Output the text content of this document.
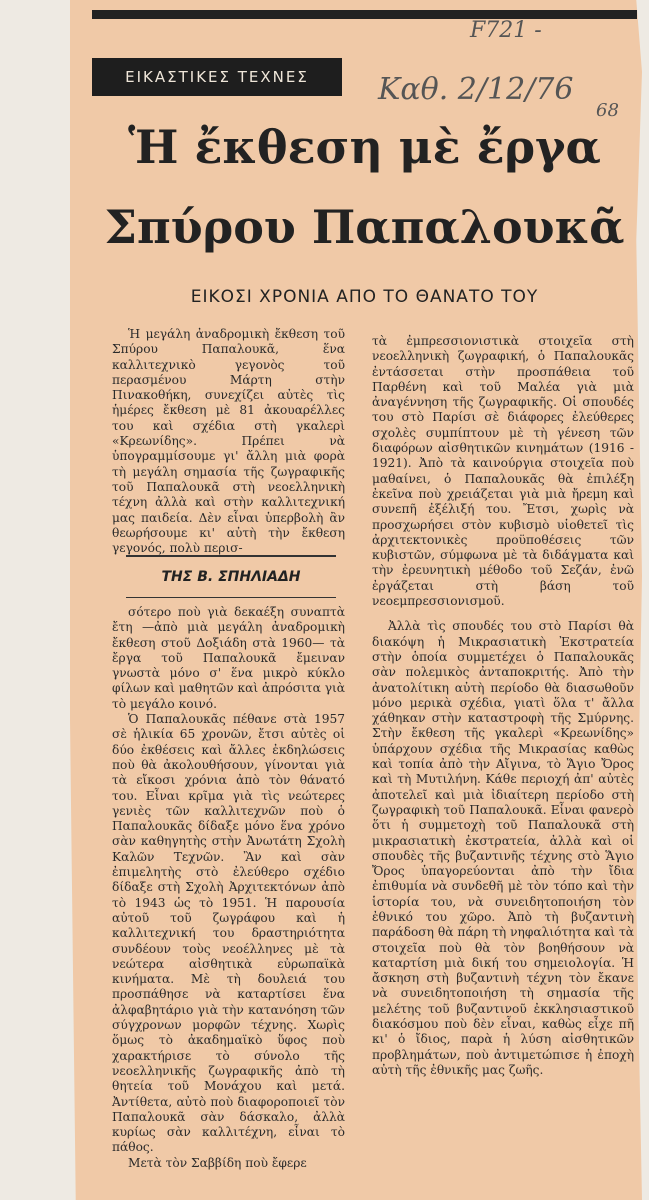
ΕΙΚΑΣΤΙΚΕΣ ΤΕΧΝΕΣ
F721 -
Καθ. 2/12/76
68
Ἡ ἔκθεση μὲ ἔργα
Σπύρου Παπαλουκᾶ
ΕΙΚΟΣΙ ΧΡΟΝΙΑ ΑΠΟ ΤΟ ΘΑΝΑΤΟ ΤΟΥ

Ἡ μεγάλη ἀναδρομικὴ ἔκθεση τοῦ Σπύρου Παπαλουκᾶ, ἕνα καλλιτεχνικὸ γεγονὸς τοῦ περασμένου Μάρτη στὴν Πινακοθήκη, συνεχίζει αὐτὲς τὶς ἡμέρες ἔκθεση μὲ 81 ἀκουαρέλλες του καὶ σχέδια στὴ γκαλερὶ «Κρεωνίδης». Πρέπει νὰ ὑπογραμμίσουμε γι' ἄλλη μιὰ φορὰ τὴ μεγάλη σημασία τῆς ζωγραφικῆς τοῦ Παπαλουκᾶ στὴ νεοελληνικὴ τέχνη ἀλλὰ καὶ στὴν καλλιτεχνική μας παιδεία. Δὲν εἶναι ὑπερβολὴ ἂν θεωρήσουμε κι' αὐτὴ τὴν ἔκθεση γεγονός, πολὺ περισ-

ΤΗΣ Β. ΣΠΗΛΙΑΔΗ

σότερο ποὺ γιὰ δεκαέξη συναπτὰ ἔτη —ἀπὸ μιὰ μεγάλη ἀναδρομικὴ ἔκθεση στοῦ Δοξιάδη στὰ 1960— τὰ ἔργα τοῦ Παπαλουκᾶ ἔμειναν γνωστὰ μόνο σ' ἕνα μικρὸ κύκλο φίλων καὶ μαθητῶν καὶ ἀπρόσιτα γιὰ τὸ μεγάλο κοινό.

Ὁ Παπαλουκᾶς πέθανε στὰ 1957 σὲ ἡλικία 65 χρονῶν, ἔτσι αὐτὲς οἱ δύο ἐκθέσεις καὶ ἄλλες ἐκδηλώσεις ποὺ θὰ ἀκολουθήσουν, γίνονται γιὰ τὰ εἴκοσι χρόνια ἀπὸ τὸν θάνατό του. Εἶναι κρῖμα γιὰ τὶς νεώτερες γενιὲς τῶν καλλιτεχνῶν ποὺ ὁ Παπαλουκᾶς δίδαξε μόνο ἕνα χρόνο σὰν καθηγητὴς στὴν Ἀνωτάτη Σχολὴ Καλῶν Τεχνῶν. Ἂν καὶ σὰν ἐπιμελητὴς στὸ ἐλεύθερο σχέδιο δίδαξε στὴ Σχολὴ Ἀρχιτεκτόνων ἀπὸ τὸ 1943 ὡς τὸ 1951. Ἡ παρουσία αὐτοῦ τοῦ ζωγράφου καὶ ἡ καλλιτεχνική του δραστηριότητα συνδέουν τοὺς νεοέλληνες μὲ τὰ νεώτερα αἰσθητικὰ εὐρωπαϊκὰ κινήματα. Μὲ τὴ δουλειά του προσπάθησε νὰ καταρτίσει ἕνα ἀλφαβητάριο γιὰ τὴν κατανόηση τῶν σύγχρονων μορφῶν τέχνης. Χωρὶς ὅμως τὸ ἀκαδημαϊκὸ ὕφος ποὺ χαρακτήρισε τὸ σύνολο τῆς νεοελληνικῆς ζωγραφικῆς ἀπὸ τὴ θητεία τοῦ Μονάχου καὶ μετά. Ἀντίθετα, αὐτὸ ποὺ διαφοροποιεῖ τὸν Παπαλουκᾶ σὰν δάσκαλο, ἀλλὰ κυρίως σὰν καλλιτέχνη, εἶναι τὸ πάθος.

Μετὰ τὸν Σαββίδη ποὺ ἔφερε

τὰ ἐμπρεσσιονιστικὰ στοιχεῖα στὴ νεοελληνικὴ ζωγραφική, ὁ Παπαλουκᾶς ἐντάσσεται στὴν προσπάθεια τοῦ Παρθένη καὶ τοῦ Μαλέα γιὰ μιὰ ἀναγέννηση τῆς ζωγραφικῆς. Οἱ σπουδές του στὸ Παρίσι σὲ διάφορες ἐλεύθερες σχολὲς συμπίπτουν μὲ τὴ γένεση τῶν διαφόρων αἰσθητικῶν κινημάτων (1916 - 1921). Ἀπὸ τὰ καινούργια στοιχεῖα ποὺ μαθαίνει, ὁ Παπαλουκᾶς θὰ ἐπιλέξη ἐκεῖνα ποὺ χρειάζεται γιὰ μιὰ ἤρεμη καὶ συνεπῆ ἐξέλιξή του. Ἔτσι, χωρὶς νὰ προσχωρήσει στὸν κυβισμὸ υἱοθετεῖ τὶς ἀρχιτεκτονικὲς προϋποθέσεις τῶν κυβιστῶν, σύμφωνα μὲ τὰ διδάγματα καὶ τὴν ἐρευνητικὴ μέθοδο τοῦ Σεζάν, ἐνῶ ἐργάζεται στὴ βάση τοῦ νεοεμπρεσσιονισμοῦ.

Ἀλλὰ τὶς σπουδές του στὸ Παρίσι θὰ διακόψη ἡ Μικρασιατικὴ Ἐκστρατεία στὴν ὁποία συμμετέχει ὁ Παπαλουκᾶς σὰν πολεμικὸς ἀνταποκριτής. Ἀπὸ τὴν ἀνατολίτικη αὐτὴ περίοδο θὰ διασωθοῦν μόνο μερικὰ σχέδια, γιατὶ ὅλα τ' ἄλλα χάθηκαν στὴν καταστροφὴ τῆς Σμύρνης. Στὴν ἔκθεση τῆς γκαλερὶ «Κρεωνίδης» ὑπάρχουν σχέδια τῆς Μικρασίας καθὼς καὶ τοπία ἀπὸ τὴν Αἴγινα, τὸ Ἅγιο Ὄρος καὶ τὴ Μυτιλήνη. Κάθε περιοχή ἀπ' αὐτὲς ἀποτελεῖ καὶ μιὰ ἰδιαίτερη περίοδο στὴ ζωγραφικὴ τοῦ Παπαλουκᾶ. Εἶναι φανερὸ ὅτι ἡ συμμετοχὴ τοῦ Παπαλουκᾶ στὴ μικρασιατικὴ ἐκστρατεία, ἀλλὰ καὶ οἱ σπουδὲς τῆς βυζαντινῆς τέχνης στὸ Ἅγιο Ὄρος ὑπαγορεύονται ἀπὸ τὴν ἴδια ἐπιθυμία νὰ συνδεθῆ μὲ τὸν τόπο καὶ τὴν ἱστορία του, νὰ συνειδητοποιήση τὸν ἐθνικό του χῶρο. Ἀπὸ τὴ βυζαντινὴ παράδοση θὰ πάρη τὴ νηφαλιότητα καὶ τὰ στοιχεῖα ποὺ θὰ τὸν βοηθήσουν νὰ καταρτίση μιὰ δική του σημειολογία. Ἡ ἄσκηση στὴ βυζαντινὴ τέχνη τὸν ἔκανε νὰ συνειδητοποιήση τὴ σημασία τῆς μελέτης τοῦ βυζαντινοῦ ἐκκλησιαστικοῦ διακόσμου ποὺ δὲν εἶναι, καθὼς εἶχε πῆ κι' ὁ ἴδιος, παρὰ ἡ λύση αἰσθητικῶν προβλημάτων, ποὺ ἀντιμετώπισε ἡ ἐποχὴ αὐτὴ τῆς ἐθνικῆς μας ζωῆς.
